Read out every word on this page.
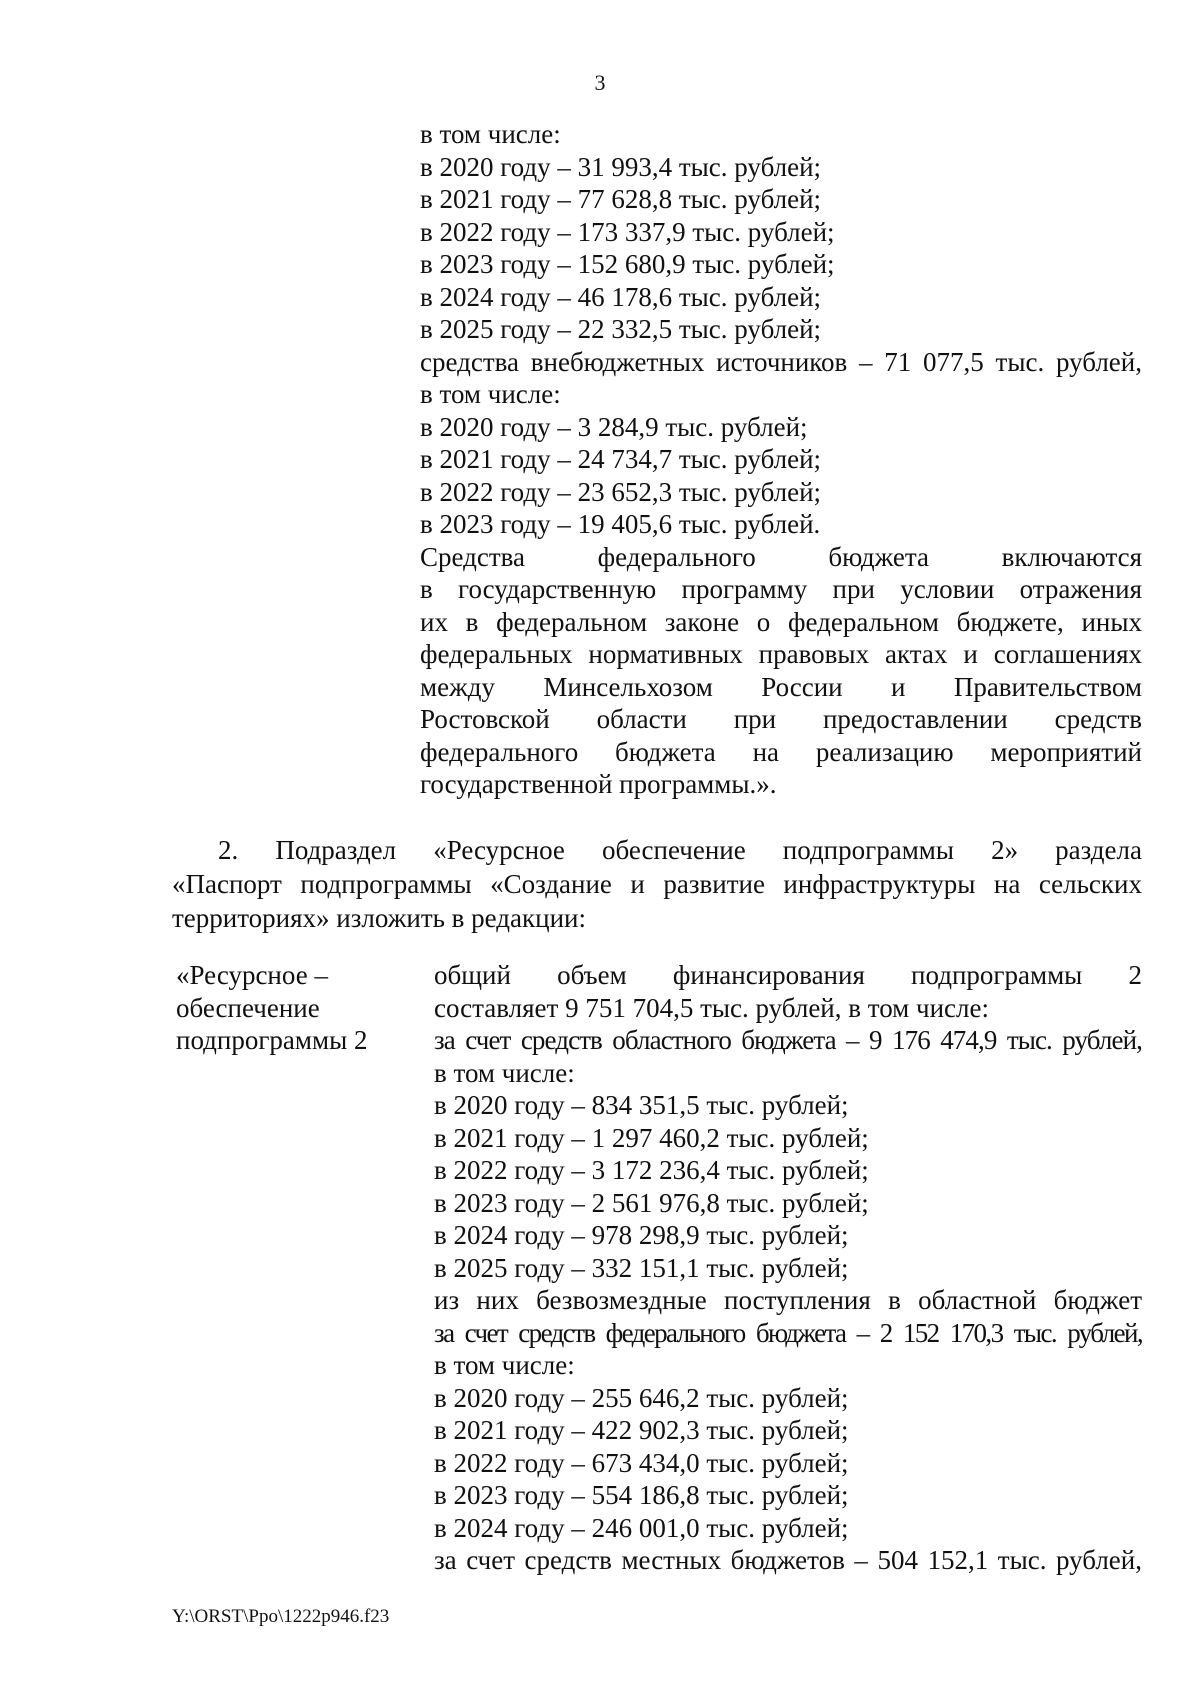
3
в том числе:
в 2020 году – 31 993,4 тыс. рублей;
в 2021 году – 77 628,8 тыс. рублей;
в 2022 году – 173 337,9 тыс. рублей;
в 2023 году – 152 680,9 тыс. рублей;
в 2024 году – 46 178,6 тыс. рублей;
в 2025 году – 22 332,5 тыс. рублей;
средства внебюджетных источников – 71 077,5 тыс. рублей,
в том числе:
в 2020 году – 3 284,9 тыс. рублей;
в 2021 году – 24 734,7 тыс. рублей;
в 2022 году – 23 652,3 тыс. рублей;
в 2023 году – 19 405,6 тыс. рублей.
Средства федерального бюджета включаются
в государственную программу при условии отражения
их в федеральном законе о федеральном бюджете, иных
федеральных нормативных правовых актах и соглашениях
между Минсельхозом России и Правительством
Ростовской области при предоставлении средств
федерального бюджета на реализацию мероприятий
государственной программы.».
2. Подраздел «Ресурсное обеспечение подпрограммы 2» раздела
«Паспорт подпрограммы «Создание и развитие инфраструктуры на сельских
территориях» изложить в редакции:
«Ресурсное –
обеспечение
подпрограммы 2
общий объем финансирования подпрограммы 2
составляет 9 751 704,5 тыс. рублей, в том числе:
за счет средств областного бюджета – 9 176 474,9 тыс. рублей,
в том числе:
в 2020 году – 834 351,5 тыс. рублей;
в 2021 году – 1 297 460,2 тыс. рублей;
в 2022 году – 3 172 236,4 тыс. рублей;
в 2023 году – 2 561 976,8 тыс. рублей;
в 2024 году – 978 298,9 тыс. рублей;
в 2025 году – 332 151,1 тыс. рублей;
из них безвозмездные поступления в областной бюджет
за счет средств федерального бюджета – 2 152 170,3 тыс. рублей,
в том числе:
в 2020 году – 255 646,2 тыс. рублей;
в 2021 году – 422 902,3 тыс. рублей;
в 2022 году – 673 434,0 тыс. рублей;
в 2023 году – 554 186,8 тыс. рублей;
в 2024 году – 246 001,0 тыс. рублей;
за счет средств местных бюджетов – 504 152,1 тыс. рублей,
Y:\ORST\Ppo\1222p946.f23
